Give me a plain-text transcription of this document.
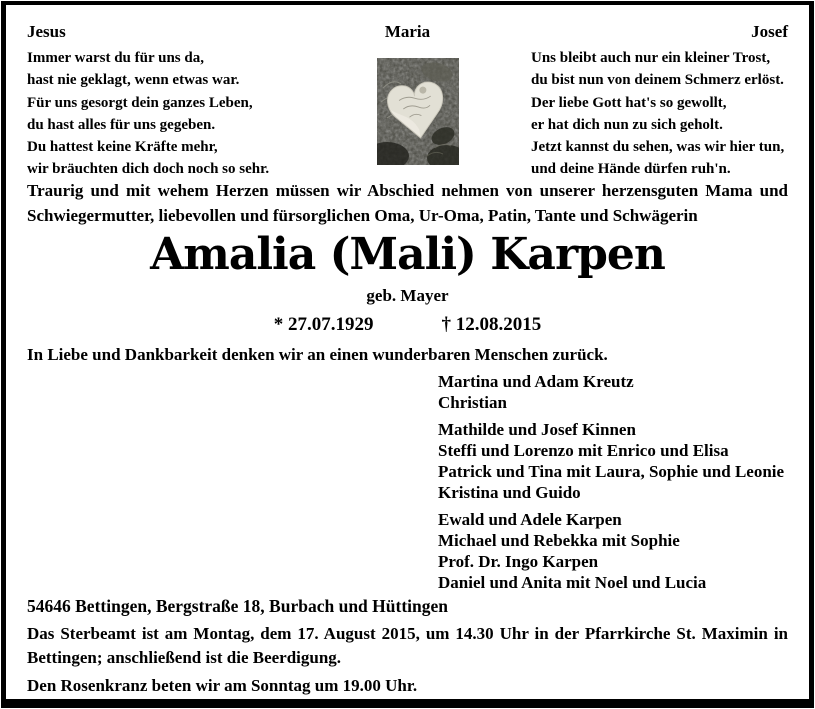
Jesus	Maria	Josef
Immer warst du für uns da,
hast nie geklagt, wenn etwas war.
Für uns gesorgt dein ganzes Leben,
du hast alles für uns gegeben.
Du hattest keine Kräfte mehr,
wir bräuchten dich doch noch so sehr.
Uns bleibt auch nur ein kleiner Trost,
du bist nun von deinem Schmerz erlöst.
Der liebe Gott hat's so gewollt,
er hat dich nun zu sich geholt.
Jetzt kannst du sehen, was wir hier tun,
und deine Hände dürfen ruh'n.

Traurig und mit wehem Herzen müssen wir Abschied nehmen von unserer herzensguten Mama und Schwiegermutter, liebevollen und fürsorglichen Oma, Ur-Oma, Patin, Tante und Schwägerin

Amalia (Mali) Karpen
geb. Mayer
* 27.07.1929	† 12.08.2015

In Liebe und Dankbarkeit denken wir an einen wunderbaren Menschen zurück.

Martina und Adam Kreutz
Christian
Mathilde und Josef Kinnen
Steffi und Lorenzo mit Enrico und Elisa
Patrick und Tina mit Laura, Sophie und Leonie
Kristina und Guido
Ewald und Adele Karpen
Michael und Rebekka mit Sophie
Prof. Dr. Ingo Karpen
Daniel und Anita mit Noel und Lucia
54646 Bettingen, Bergstraße 18, Burbach und Hüttingen

Das Sterbeamt ist am Montag, dem 17. August 2015, um 14.30 Uhr in der Pfarrkirche St. Maximin in Bettingen; anschließend ist die Beerdigung.

Den Rosenkranz beten wir am Sonntag um 19.00 Uhr.
